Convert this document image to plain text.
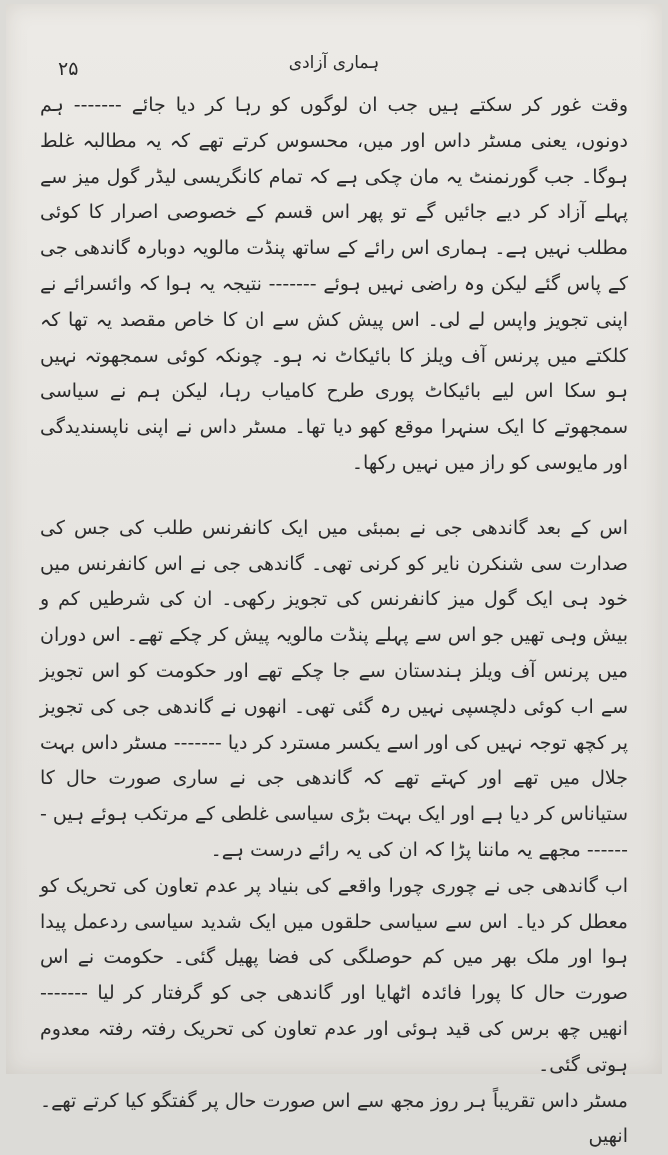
۲۵	ہماری آزادی

وقت غور کر سکتے ہیں جب ان لوگوں کو رہا کر دیا جائے ------- ہم دونوں، یعنی مسٹر داس اور میں، محسوس کرتے تھے کہ یہ مطالبہ غلط ہوگا۔ جب گورنمنٹ یہ مان چکی ہے کہ تمام کانگریسی لیڈر گول میز سے پہلے آزاد کر دیے جائیں گے تو پھر اس قسم کے خصوصی اصرار کا کوئی مطلب نہیں ہے۔ ہماری اس رائے کے ساتھ پنڈت مالویہ دوبارہ گاندھی جی کے پاس گئے لیکن وہ راضی نہیں ہوئے ------- نتیجہ یہ ہوا کہ وائسرائے نے اپنی تجویز واپس لے لی۔ اس پیش کش سے ان کا خاص مقصد یہ تھا کہ کلکتے میں پرنس آف ویلز کا بائیکاٹ نہ ہو۔ چونکہ کوئی سمجھوتہ نہیں ہو سکا اس لیے بائیکاٹ پوری طرح کامیاب رہا، لیکن ہم نے سیاسی سمجھوتے کا ایک سنہرا موقع کھو دیا تھا۔ مسٹر داس نے اپنی ناپسندیدگی اور مایوسی کو راز میں نہیں رکھا۔

اس کے بعد گاندھی جی نے بمبئی میں ایک کانفرنس طلب کی جس کی صدارت سی شنکرن نایر کو کرنی تھی۔ گاندھی جی نے اس کانفرنس میں خود ہی ایک گول میز کانفرنس کی تجویز رکھی۔ ان کی شرطیں کم و بیش وہی تھیں جو اس سے پہلے پنڈت مالویہ پیش کر چکے تھے۔ اس دوران میں پرنس آف ویلز ہندستان سے جا چکے تھے اور حکومت کو اس تجویز سے اب کوئی دلچسپی نہیں رہ گئی تھی۔ انھوں نے گاندھی جی کی تجویز پر کچھ توجہ نہیں کی اور اسے یکسر مسترد کر دیا ------- مسٹر داس بہت جلال میں تھے اور کہتے تھے کہ گاندھی جی نے ساری صورت حال کا ستیاناس کر دیا ہے اور ایک بہت بڑی سیاسی غلطی کے مرتکب ہوئے ہیں ------- مجھے یہ ماننا پڑا کہ ان کی یہ رائے درست ہے۔

اب گاندھی جی نے چوری چورا واقعے کی بنیاد پر عدم تعاون کی تحریک کو معطل کر دیا۔ اس سے سیاسی حلقوں میں ایک شدید سیاسی ردعمل پیدا ہوا اور ملک بھر میں کم حوصلگی کی فضا پھیل گئی۔ حکومت نے اس صورت حال کا پورا فائدہ اٹھایا اور گاندھی جی کو گرفتار کر لیا ------- انھیں چھ برس کی قید ہوئی اور عدم تعاون کی تحریک رفتہ رفتہ معدوم ہوتی گئی۔

مسٹر داس تقریباً ہر روز مجھ سے اس صورت حال پر گفتگو کیا کرتے تھے۔ انھیں
